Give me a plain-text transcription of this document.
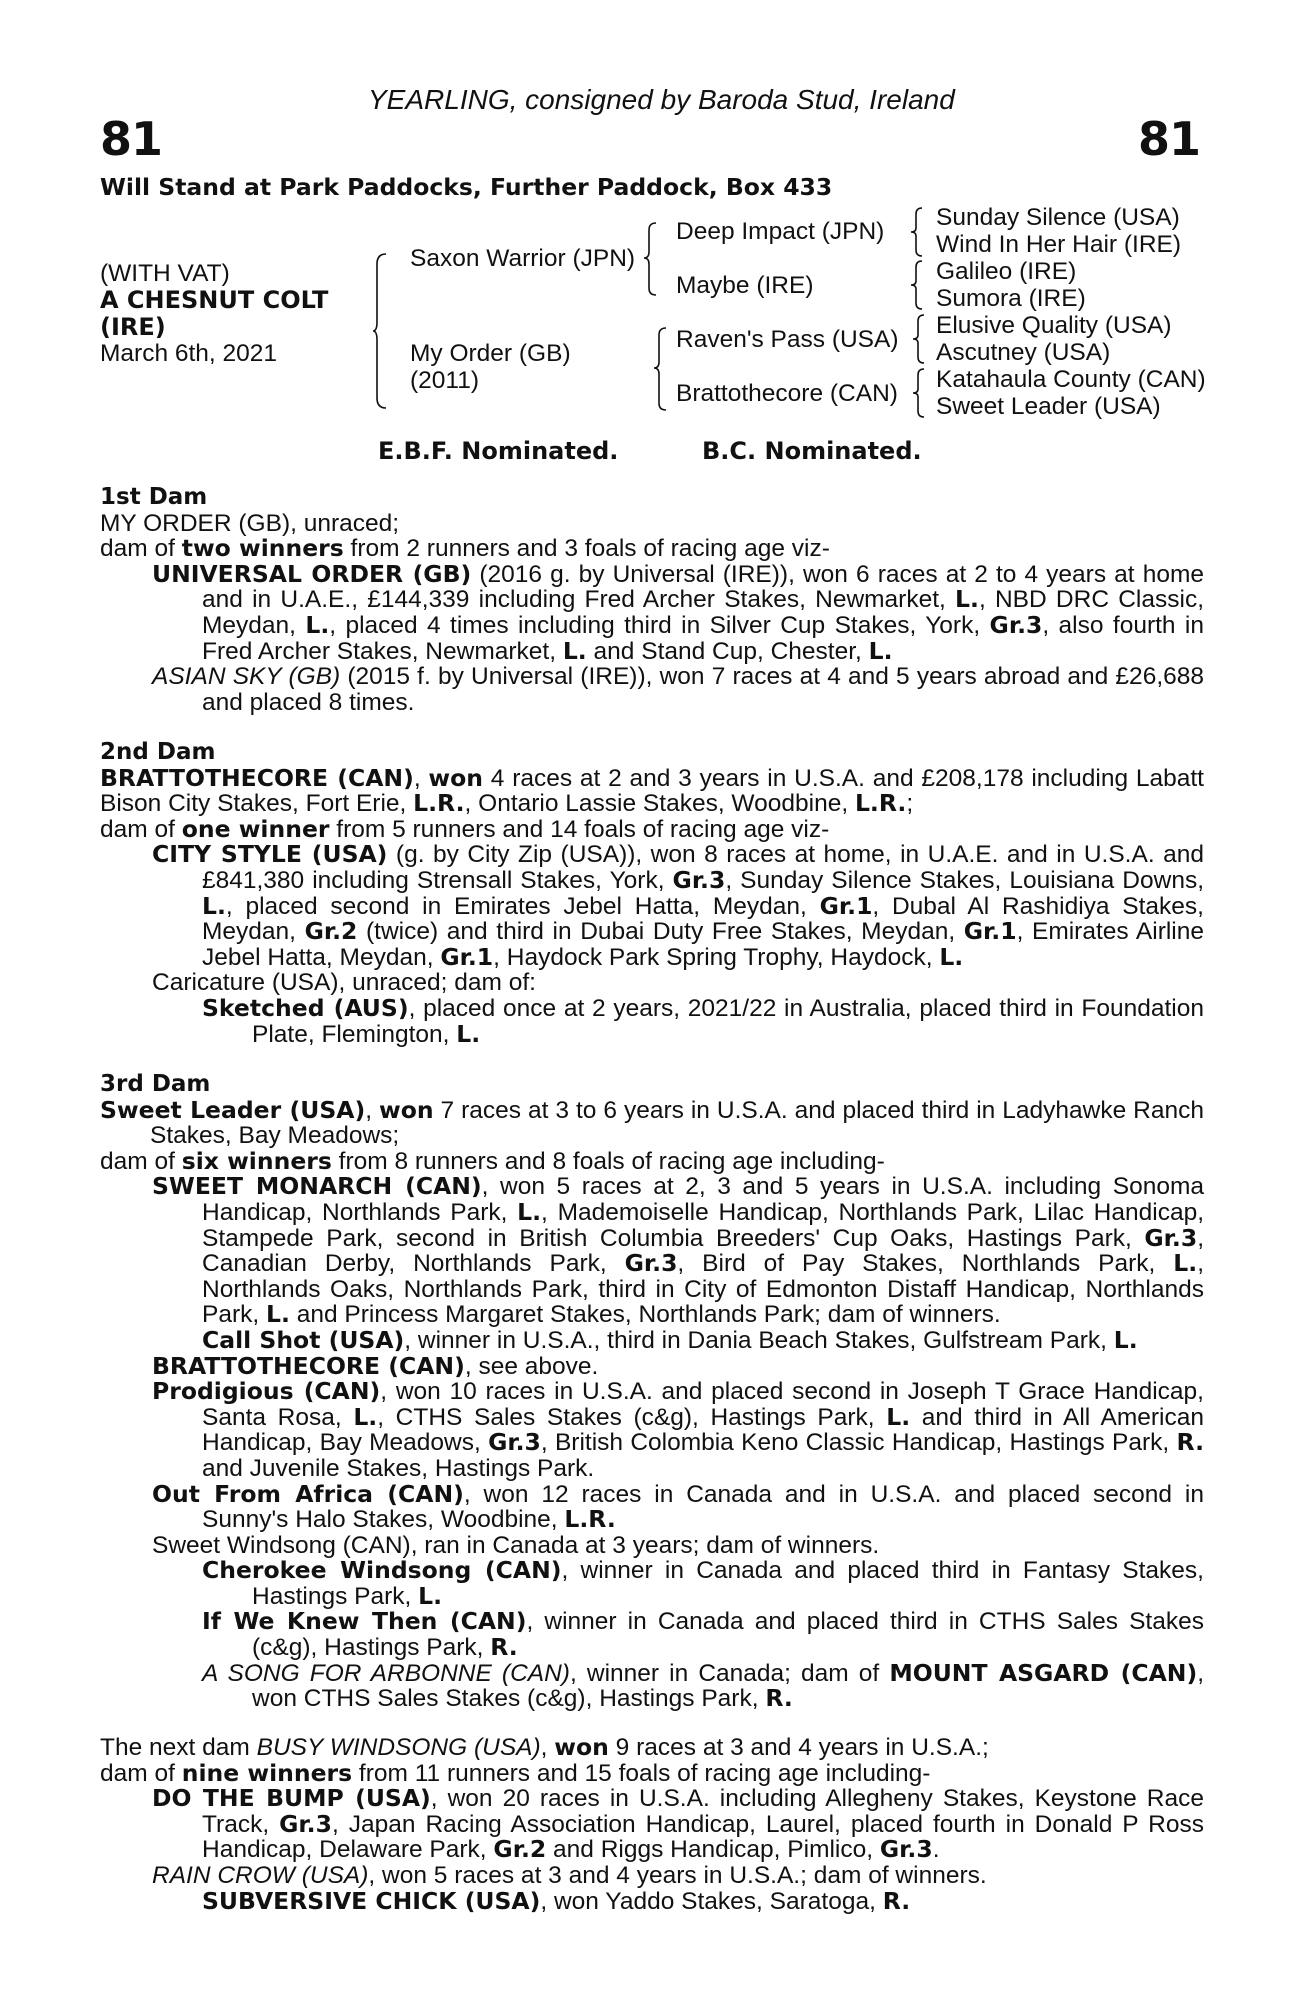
YEARLING, consigned by Baroda Stud, Ireland
81	81
Will Stand at Park Paddocks, Further Paddock, Box 433
(WITH VAT)
A CHESNUT COLT
(IRE)
March 6th, 2021
Saxon Warrior (JPN)
My Order (GB)
(2011)
Deep Impact (JPN)
Maybe (IRE)
Raven's Pass (USA)
Brattothecore (CAN)
Sunday Silence (USA)
Wind In Her Hair (IRE)
Galileo (IRE)
Sumora (IRE)
Elusive Quality (USA)
Ascutney (USA)
Katahaula County (CAN)
Sweet Leader (USA)
E.B.F. Nominated.	B.C. Nominated.

1st Dam

MY ORDER (GB), unraced;

dam of two winners from 2 runners and 3 foals of racing age viz-

UNIVERSAL ORDER (GB) (2016 g. by Universal (IRE)), won 6 races at 2 to 4 years at home and in U.A.E., £144,339 including Fred Archer Stakes, Newmarket, L., NBD DRC Classic, Meydan, L., placed 4 times including third in Silver Cup Stakes, York, Gr.3, also fourth in Fred Archer Stakes, Newmarket, L. and Stand Cup, Chester, L.

ASIAN SKY (GB) (2015 f. by Universal (IRE)), won 7 races at 4 and 5 years abroad and £26,688 and placed 8 times.

2nd Dam

BRATTOTHECORE (CAN), won 4 races at 2 and 3 years in U.S.A. and £208,178 including Labatt Bison City Stakes, Fort Erie, L.R., Ontario Lassie Stakes, Woodbine, L.R.;

dam of one winner from 5 runners and 14 foals of racing age viz-

CITY STYLE (USA) (g. by City Zip (USA)), won 8 races at home, in U.A.E. and in U.S.A. and £841,380 including Strensall Stakes, York, Gr.3, Sunday Silence Stakes, Louisiana Downs, L., placed second in Emirates Jebel Hatta, Meydan, Gr.1, Dubal Al Rashidiya Stakes, Meydan, Gr.2 (twice) and third in Dubai Duty Free Stakes, Meydan, Gr.1, Emirates Airline Jebel Hatta, Meydan, Gr.1, Haydock Park Spring Trophy, Haydock, L.

Caricature (USA), unraced; dam of:

Sketched (AUS), placed once at 2 years, 2021/22 in Australia, placed third in Foundation Plate, Flemington, L.

3rd Dam

Sweet Leader (USA), won 7 races at 3 to 6 years in U.S.A. and placed third in Ladyhawke Ranch Stakes, Bay Meadows;

dam of six winners from 8 runners and 8 foals of racing age including-

SWEET MONARCH (CAN), won 5 races at 2, 3 and 5 years in U.S.A. including Sonoma Handicap, Northlands Park, L., Mademoiselle Handicap, Northlands Park, Lilac Handicap, Stampede Park, second in British Columbia Breeders' Cup Oaks, Hastings Park, Gr.3, Canadian Derby, Northlands Park, Gr.3, Bird of Pay Stakes, Northlands Park, L., Northlands Oaks, Northlands Park, third in City of Edmonton Distaff Handicap, Northlands Park, L. and Princess Margaret Stakes, Northlands Park; dam of winners.

Call Shot (USA), winner in U.S.A., third in Dania Beach Stakes, Gulfstream Park, L.

BRATTOTHECORE (CAN), see above.

Prodigious (CAN), won 10 races in U.S.A. and placed second in Joseph T Grace Handicap, Santa Rosa, L., CTHS Sales Stakes (c&g), Hastings Park, L. and third in All American Handicap, Bay Meadows, Gr.3, British Colombia Keno Classic Handicap, Hastings Park, R. and Juvenile Stakes, Hastings Park.

Out From Africa (CAN), won 12 races in Canada and in U.S.A. and placed second in Sunny's Halo Stakes, Woodbine, L.R.

Sweet Windsong (CAN), ran in Canada at 3 years; dam of winners.

Cherokee Windsong (CAN), winner in Canada and placed third in Fantasy Stakes, Hastings Park, L.

If We Knew Then (CAN), winner in Canada and placed third in CTHS Sales Stakes (c&g), Hastings Park, R.

A SONG FOR ARBONNE (CAN), winner in Canada; dam of MOUNT ASGARD (CAN), won CTHS Sales Stakes (c&g), Hastings Park, R.

The next dam BUSY WINDSONG (USA), won 9 races at 3 and 4 years in U.S.A.;

dam of nine winners from 11 runners and 15 foals of racing age including-

DO THE BUMP (USA), won 20 races in U.S.A. including Allegheny Stakes, Keystone Race Track, Gr.3, Japan Racing Association Handicap, Laurel, placed fourth in Donald P Ross Handicap, Delaware Park, Gr.2 and Riggs Handicap, Pimlico, Gr.3.

RAIN CROW (USA), won 5 races at 3 and 4 years in U.S.A.; dam of winners.

SUBVERSIVE CHICK (USA), won Yaddo Stakes, Saratoga, R.
